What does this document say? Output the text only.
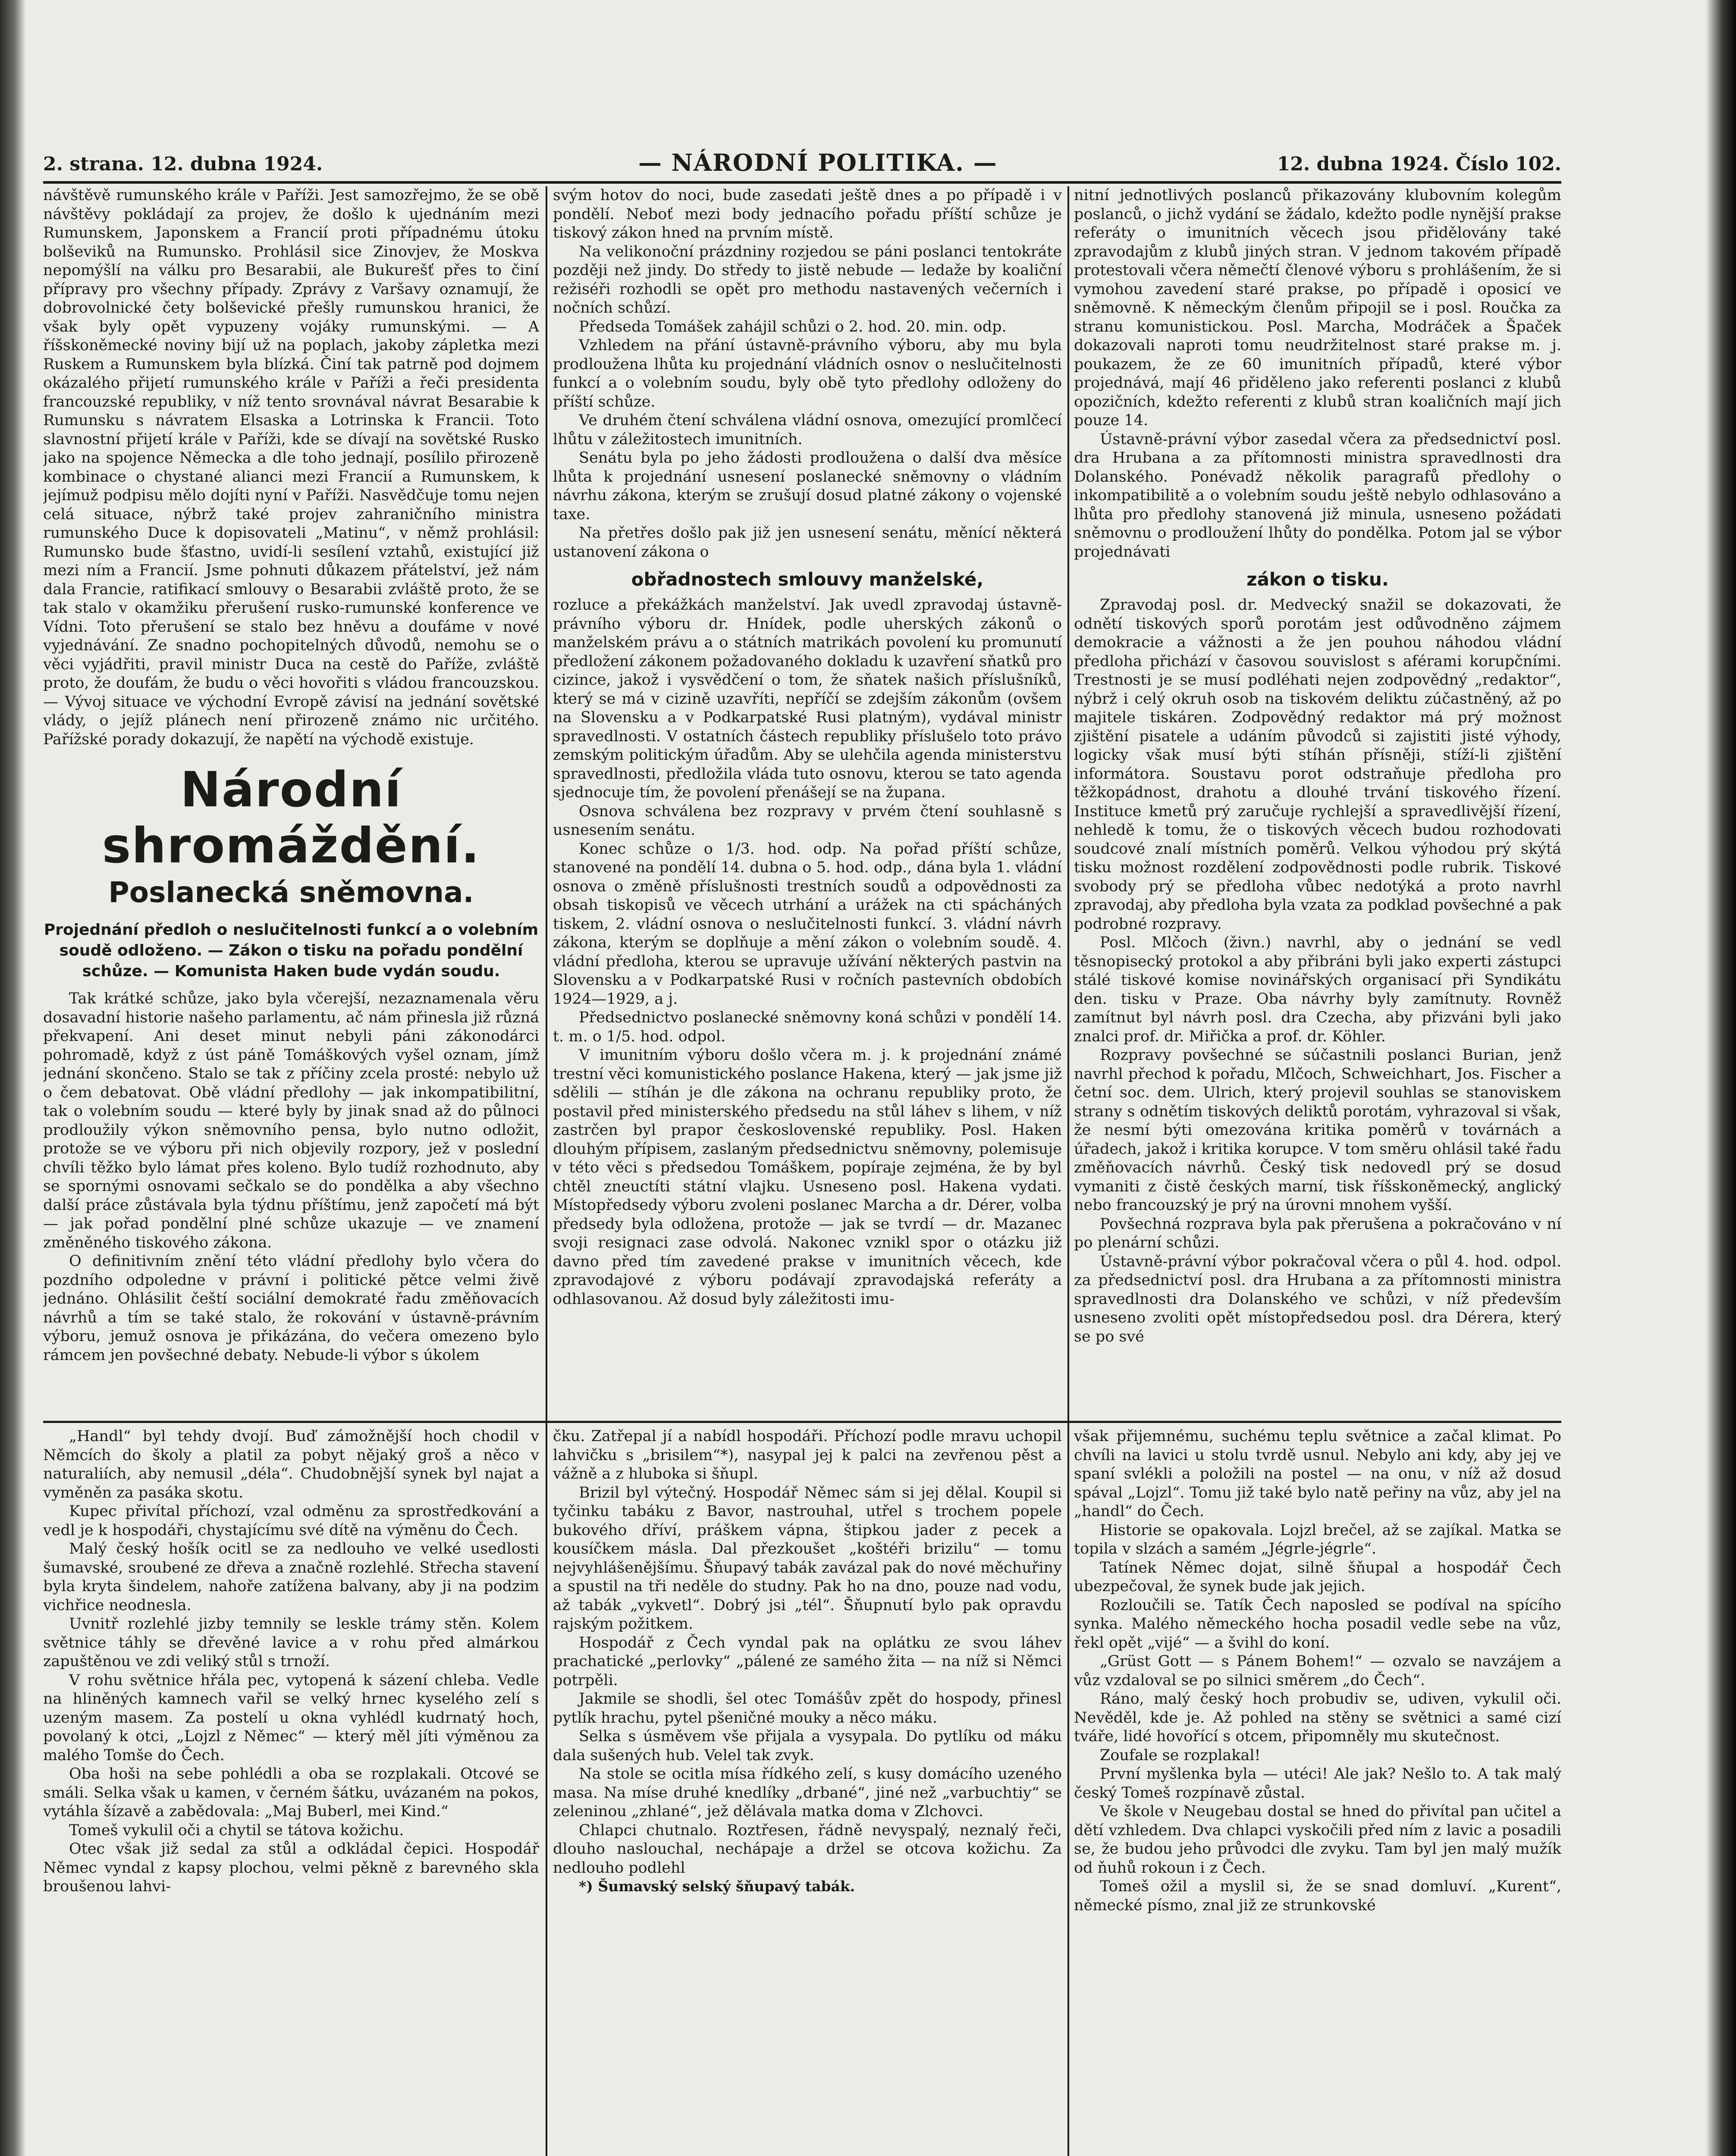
2. strana. 12. dubna 1924.	— NÁRODNÍ POLITIKA. —	12. dubna 1924. Číslo 102.

návštěvě rumunského krále v Paříži. Jest samozřejmo, že se obě návštěvy pokládají za projev, že došlo k ujednáním mezi Rumunskem, Japonskem a Francií proti případnému útoku bolševiků na Rumunsko. Prohlásil sice Zinovjev, že Moskva nepomýšlí na válku pro Besarabii, ale Bukurešť přes to činí přípravy pro všechny případy. Zprávy z Varšavy oznamují, že dobrovolnické čety bolševické přešly rumunskou hranici, že však byly opět vypuzeny vojáky rumunskými. — A říšskoněmecké noviny bijí už na poplach, jakoby zápletka mezi Ruskem a Rumunskem byla blízká. Činí tak patrně pod dojmem okázalého přijetí rumunského krále v Paříži a řeči presidenta francouzské republiky, v níž tento srovnával návrat Besarabie k Rumunsku s návratem Elsaska a Lotrinska k Francii. Toto slavnostní přijetí krále v Paříži, kde se dívají na sovětské Rusko jako na spojence Německa a dle toho jednají, posílilo přirozeně kombinace o chystané alianci mezi Francií a Rumunskem, k jejímuž podpisu mělo dojíti nyní v Paříži. Nasvědčuje tomu nejen celá situace, nýbrž také projev zahraničního ministra rumunského Duce k dopisovateli „Matinu“, v němž prohlásil: Rumunsko bude šťastno, uvidí-li sesílení vztahů, existující již mezi ním a Francií. Jsme pohnuti důkazem přátelství, jež nám dala Francie, ratifikací smlouvy o Besarabii zvláště proto, že se tak stalo v okamžiku přerušení rusko-rumunské konference ve Vídni. Toto přerušení se stalo bez hněvu a doufáme v nové vyjednávání. Ze snadno pochopitelných důvodů, nemohu se o věci vyjádřiti, pravil ministr Duca na cestě do Paříže, zvláště proto, že doufám, že budu o věci hovořiti s vládou francouzskou. — Vývoj situace ve východní Evropě závisí na jednání sovětské vlády, o jejíž plánech není přirozeně známo nic určitého. Pařížské porady dokazují, že napětí na východě existuje.

Národní shromáždění.
Poslanecká sněmovna.
Projednání předloh o neslučitelnosti funkcí a o volebním soudě odloženo. — Zákon o tisku na pořadu pondělní schůze. — Komunista Haken bude vydán soudu.

Tak krátké schůze, jako byla včerejší, nezaznamenala věru dosavadní historie našeho parlamentu, ač nám přinesla již různá překvapení. Ani deset minut nebyli páni zákonodárci pohromadě, když z úst páně Tomáškových vyšel oznam, jímž jednání skončeno. Stalo se tak z příčiny zcela prosté: nebylo už o čem debatovat. Obě vládní předlohy — jak inkompatibilitní, tak o volebním soudu — které byly by jinak snad až do půlnoci prodloužily výkon sněmovního pensa, bylo nutno odložit, protože se ve výboru při nich objevily rozpory, jež v poslední chvíli těžko bylo lámat přes koleno. Bylo tudíž rozhodnuto, aby se spornými osnovami sečkalo se do pondělka a aby všechno další práce zůstávala byla týdnu příštímu, jenž započetí má být — jak pořad pondělní plné schůze ukazuje — ve znamení změněného tiskového zákona.

O definitivním znění této vládní předlohy bylo včera do pozdního odpoledne v právní i politické pětce velmi živě jednáno. Ohlásilit čeští sociální demokraté řadu změňovacích návrhů a tím se také stalo, že rokování v ústavně-právním výboru, jemuž osnova je přikázána, do večera omezeno bylo rámcem jen povšechné debaty. Nebude-li výbor s úkolem

svým hotov do noci, bude zasedati ještě dnes a po případě i v pondělí. Neboť mezi body jednacího pořadu příští schůze je tiskový zákon hned na prvním místě.

Na velikonoční prázdniny rozjedou se páni poslanci tentokráte později než jindy. Do středy to jistě nebude — ledaže by koaliční režiséři rozhodli se opět pro methodu nastavených večerních i nočních schůzí.

Předseda Tomášek zahájil schůzi o 2. hod. 20. min. odp.

Vzhledem na přání ústavně-právního výboru, aby mu byla prodloužena lhůta ku projednání vládních osnov o neslučitelnosti funkcí a o volebním soudu, byly obě tyto předlohy odloženy do příští schůze.

Ve druhém čtení schválena vládní osnova, omezující promlčecí lhůtu v záležitostech imunitních.

Senátu byla po jeho žádosti prodloužena o další dva měsíce lhůta k projednání usnesení poslanecké sněmovny o vládním návrhu zákona, kterým se zrušují dosud platné zákony o vojenské taxe.

Na přetřes došlo pak již jen usnesení senátu, měnící některá ustanovení zákona o

obřadnostech smlouvy manželské,

rozluce a překážkách manželství. Jak uvedl zpravodaj ústavně-právního výboru dr. Hnídek, podle uherských zákonů o manželském právu a o státních matrikách povolení ku promunutí předložení zákonem požadovaného dokladu k uzavření sňatků pro cizince, jakož i vysvědčení o tom, že sňatek našich příslušníků, který se má v cizině uzavříti, nepříčí se zdejším zákonům (ovšem na Slovensku a v Podkarpatské Rusi platným), vydával ministr spravedlnosti. V ostatních částech republiky příslušelo toto právo zemským politickým úřadům. Aby se ulehčila agenda ministerstvu spravedlnosti, předložila vláda tuto osnovu, kterou se tato agenda sjednocuje tím, že povolení přenášejí se na župana.

Osnova schválena bez rozpravy v prvém čtení souhlasně s usnesením senátu.

Konec schůze o 1/3. hod. odp. Na pořad příští schůze, stanovené na pondělí 14. dubna o 5. hod. odp., dána byla 1. vládní osnova o změně příslušnosti trestních soudů a odpovědnosti za obsah tiskopisů ve věcech utrhání a urážek na cti spácháných tiskem, 2. vládní osnova o neslučitelnosti funkcí. 3. vládní návrh zákona, kterým se doplňuje a mění zákon o volebním soudě. 4. vládní předloha, kterou se upravuje užívání některých pastvin na Slovensku a v Podkarpatské Rusi v ročních pastevních obdobích 1924—1929, a j.

Předsednictvo poslanecké sněmovny koná schůzi v pondělí 14. t. m. o 1/5. hod. odpol.

V imunitním výboru došlo včera m. j. k projednání známé trestní věci komunistického poslance Hakena, který — jak jsme již sdělili — stíhán je dle zákona na ochranu republiky proto, že postavil před ministerského předsedu na stůl láhev s lihem, v níž zastrčen byl prapor československé republiky. Posl. Haken dlouhým přípisem, zaslaným předsednictvu sněmovny, polemisuje v této věci s předsedou Tomáškem, popíraje zejména, že by byl chtěl zneuctíti státní vlajku. Usneseno posl. Hakena vydati. Místopředsedy výboru zvoleni poslanec Marcha a dr. Dérer, volba předsedy byla odložena, protože — jak se tvrdí — dr. Mazanec svoji resignaci zase odvolá. Nakonec vznikl spor o otázku již davno před tím zavedené prakse v imunitních věcech, kde zpravodajové z výboru podávají zpravodajská referáty a odhlasovanou. Až dosud byly záležitosti imu-

nitní jednotlivých poslanců přikazovány klubovním kolegům poslanců, o jichž vydání se žádalo, kdežto podle nynější prakse referáty o imunitních věcech jsou přidělovány také zpravodajům z klubů jiných stran. V jednom takovém případě protestovali včera němečtí členové výboru s prohlášením, že si vymohou zavedení staré prakse, po případě i oposicí ve sněmovně. K německým členům připojil se i posl. Roučka za stranu komunistickou. Posl. Marcha, Modráček a Špaček dokazovali naproti tomu neudržitelnost staré prakse m. j. poukazem, že ze 60 imunitních případů, které výbor projednává, mají 46 přiděleno jako referenti poslanci z klubů opozičních, kdežto referenti z klubů stran koaličních mají jich pouze 14.

Ústavně-právní výbor zasedal včera za předsednictví posl. dra Hrubana a za přítomnosti ministra spravedlnosti dra Dolanského. Ponévadž několik paragrafů předlohy o inkompatibilitě a o volebním soudu ještě nebylo odhlasováno a lhůta pro předlohy stanovená již minula, usneseno požádati sněmovnu o prodloužení lhůty do pondělka. Potom jal se výbor projednávati

zákon o tisku.

Zpravodaj posl. dr. Medvecký snažil se dokazovati, že odnětí tiskových sporů porotám jest odůvodněno zájmem demokracie a vážnosti a že jen pouhou náhodou vládní předloha přichází v časovou souvislost s aférami korupčními. Trestnosti je se musí podléhati nejen zodpovědný „redaktor“, nýbrž i celý okruh osob na tiskovém deliktu zúčastněný, až po majitele tiskáren. Zodpovědný redaktor má prý možnost zjištění pisatele a udáním původců si zajistiti jisté výhody, logicky však musí býti stíhán přísněji, stíží-li zjištění informátora. Soustavu porot odstraňuje předloha pro těžkopádnost, drahotu a dlouhé trvání tiskového řízení. Instituce kmetů prý zaručuje rychlejší a spravedlivější řízení, nehledě k tomu, že o tiskových věcech budou rozhodovati soudcové znalí místních poměrů. Velkou výhodou prý skýtá tisku možnost rozdělení zodpovědnosti podle rubrik. Tiskové svobody prý se předloha vůbec nedotýká a proto navrhl zpravodaj, aby předloha byla vzata za podklad povšechné a pak podrobné rozpravy.

Posl. Mlčoch (živn.) navrhl, aby o jednání se vedl těsnopisecký protokol a aby přibráni byli jako experti zástupci stálé tiskové komise novinářských organisací při Syndikátu den. tisku v Praze. Oba návrhy byly zamítnuty. Rovněž zamítnut byl návrh posl. dra Czecha, aby přizváni byli jako znalci prof. dr. Miřička a prof. dr. Köhler.

Rozpravy povšechné se súčastnili poslanci Burian, jenž navrhl přechod k pořadu, Mlčoch, Schweichhart, Jos. Fischer a četní soc. dem. Ulrich, který projevil souhlas se stanoviskem strany s odnětím tiskových deliktů porotám, vyhrazoval si však, že nesmí býti omezována kritika poměrů v továrnách a úřadech, jakož i kritika korupce. V tom směru ohlásil také řadu změňovacích návrhů. Český tisk nedovedl prý se dosud vymaniti z čistě českých marní, tisk říšskoněmecký, anglický nebo francouzský je prý na úrovni mnohem vyšší.

Povšechná rozprava byla pak přerušena a pokračováno v ní po plenární schůzi.

Ústavně-právní výbor pokračoval včera o půl 4. hod. odpol. za předsednictví posl. dra Hrubana a za přítomnosti ministra spravedlnosti dra Dolanského ve schůzi, v níž především usneseno zvoliti opět místopředsedou posl. dra Dérera, který se po své

„Handl“ byl tehdy dvojí. Buď zámožnější hoch chodil v Němcích do školy a platil za pobyt nějaký groš a něco v naturaliích, aby nemusil „déla“. Chudobnější synek byl najat a vyměněn za pasáka skotu.

Kupec přivítal příchozí, vzal odměnu za sprostředkování a vedl je k hospodáři, chystajícímu své dítě na výměnu do Čech.

Malý český hošík ocitl se za nedlouho ve velké usedlosti šumavské, sroubené ze dřeva a značně rozlehlé. Střecha stavení byla kryta šindelem, nahoře zatížena balvany, aby ji na podzim vichřice neodnesla.

Uvnitř rozlehlé jizby temnily se leskle trámy stěn. Kolem světnice táhly se dřevěné lavice a v rohu před almárkou zapuštěnou ve zdi veliký stůl s trnoží.

V rohu světnice hřála pec, vytopená k sázení chleba. Vedle na hliněných kamnech vařil se velký hrnec kyselého zelí s uzeným masem. Za postelí u okna vyhlédl kudrnatý hoch, povolaný k otci, „Lojzl z Němec“ — který měl jíti výměnou za malého Tomše do Čech.

Oba hoši na sebe pohlédli a oba se rozplakali. Otcové se smáli. Selka však u kamen, v černém šátku, uvázaném na pokos, vytáhla šízavě a zabědovala: „Maj Buberl, mei Kind.“

Tomeš vykulil oči a chytil se tátova kožichu.

Otec však již sedal za stůl a odkládal čepici. Hospodář Němec vyndal z kapsy plochou, velmi pěkně z barevného skla broušenou lahvi-

čku. Zatřepal jí a nabídl hospodáři. Příchozí podle mravu uchopil lahvičku s „brisilem“*), nasypal jej k palci na zevřenou pěst a vážně a z hluboka si šňupl.

Brizil byl výtečný. Hospodář Němec sám si jej dělal. Koupil si tyčinku tabáku z Bavor, nastrouhal, utřel s trochem popele bukového dříví, práškem vápna, štipkou jader z pecek a kousíčkem másla. Dal přezkoušet „koštéři brizilu“ — tomu nejvyhlášenějšímu. Šňupavý tabák zavázal pak do nové měchuřiny a spustil na tři neděle do studny. Pak ho na dno, pouze nad vodu, až tabák „vykvetl“. Dobrý jsi „tél“. Šňupnutí bylo pak opravdu rajským požitkem.

Hospodář z Čech vyndal pak na oplátku ze svou láhev prachatické „perlovky“ „pálené ze samého žita — na níž si Němci potrpěli.

Jakmile se shodli, šel otec Tomášův zpět do hospody, přinesl pytlík hrachu, pytel pšeničné mouky a něco máku.

Selka s úsměvem vše přijala a vysypala. Do pytlíku od máku dala sušených hub. Velel tak zvyk.

Na stole se ocitla mísa řídkého zelí, s kusy domácího uzeného masa. Na míse druhé knedlíky „drbané“, jiné než „varbuchtiy“ se zeleninou „zhlané“, jež dělávala matka doma v Zlchovci.

Chlapci chutnalo. Roztřesen, řádně nevyspalý, neznalý řeči, dlouho naslouchal, nechápaje a držel se otcova kožichu. Za nedlouho podlehl

*) Šumavský selský šňupavý tabák.

však přijemnému, suchému teplu světnice a začal klimat. Po chvíli na lavici u stolu tvrdě usnul. Nebylo ani kdy, aby jej ve spaní svlékli a položili na postel — na onu, v níž až dosud spával „Lojzl“. Tomu již také bylo natě peřiny na vůz, aby jel na „handl“ do Čech.

Historie se opakovala. Lojzl brečel, až se zajíkal. Matka se topila v slzách a samém „Jégrle-jégrle“.

Tatínek Němec dojat, silně šňupal a hospodář Čech ubezpečoval, že synek bude jak jejich.

Rozloučili se. Tatík Čech naposled se podíval na spícího synka. Malého německého hocha posadil vedle sebe na vůz, řekl opět „vijé“ — a švihl do koní.

„Grüst Gott — s Pánem Bohem!“ — ozvalo se navzájem a vůz vzdaloval se po silnici směrem „do Čech“.

Ráno, malý český hoch probudiv se, udiven, vykulil oči. Nevěděl, kde je. Až pohled na stěny se světnici a samé cizí tváře, lidé hovořící s otcem, připomněly mu skutečnost.

Zoufale se rozplakal!

První myšlenka byla — utéci! Ale jak? Nešlo to. A tak malý český Tomeš rozpínavě zůstal.

Ve škole v Neugebau dostal se hned do přivítal pan učitel a dětí vzhledem. Dva chlapci vyskočili před ním z lavic a posadili se, že budou jeho průvodci dle zvyku. Tam byl jen malý mužík od ňuhů rokoun i z Čech.

Tomeš ožil a myslil si, že se snad domluví. „Kurent“, německé písmo, znal již ze strunkovské
